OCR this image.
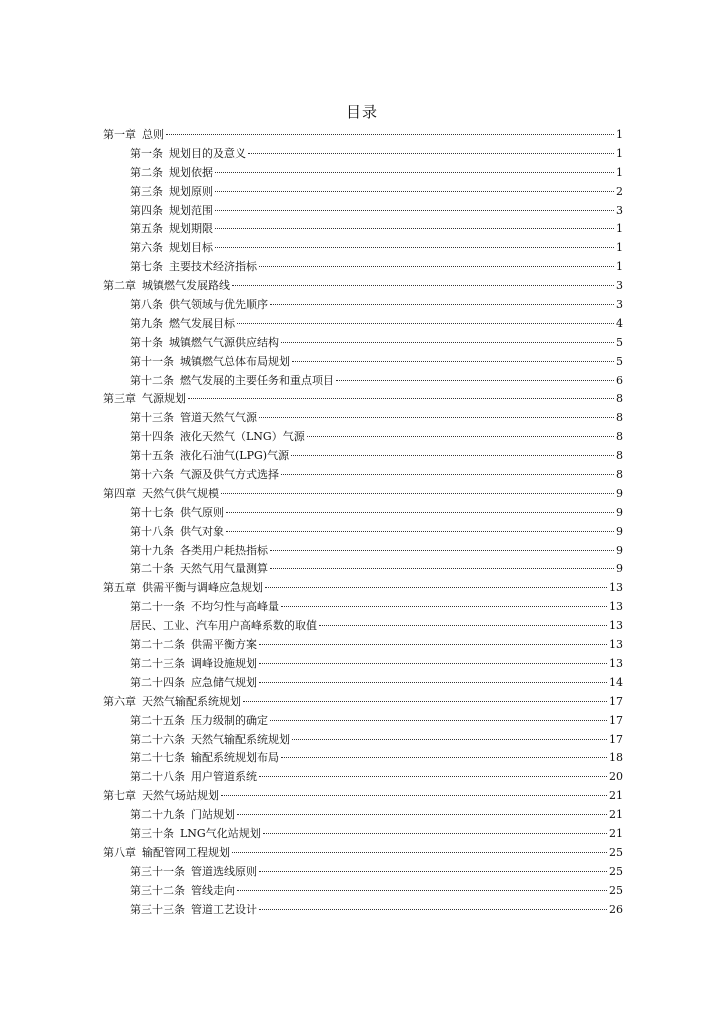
目录
第一章 总则	1
第一条 规划目的及意义	1
第二条 规划依据	1
第三条 规划原则	2
第四条 规划范围	3
第五条 规划期限	1
第六条 规划目标	1
第七条 主要技术经济指标	1
第二章 城镇燃气发展路线	3
第八条 供气领域与优先顺序	3
第九条 燃气发展目标	4
第十条 城镇燃气气源供应结构	5
第十一条 城镇燃气总体布局规划	5
第十二条 燃气发展的主要任务和重点项目	6
第三章 气源规划	8
第十三条 管道天然气气源	8
第十四条 液化天然气（LNG）气源	8
第十五条 液化石油气(LPG)气源	8
第十六条 气源及供气方式选择	8
第四章 天然气供气规模	9
第十七条 供气原则	9
第十八条 供气对象	9
第十九条 各类用户耗热指标	9
第二十条 天然气用气量测算	9
第五章 供需平衡与调峰应急规划	13
第二十一条 不均匀性与高峰量	13
居民、工业、汽车用户高峰系数的取值	13
第二十二条 供需平衡方案	13
第二十三条 调峰设施规划	13
第二十四条 应急储气规划	14
第六章 天然气输配系统规划	17
第二十五条 压力级制的确定	17
第二十六条 天然气输配系统规划	17
第二十七条 输配系统规划布局	18
第二十八条 用户管道系统	20
第七章 天然气场站规划	21
第二十九条 门站规划	21
第三十条 LNG气化站规划	21
第八章 输配管网工程规划	25
第三十一条 管道选线原则	25
第三十二条 管线走向	25
第三十三条 管道工艺设计	26
